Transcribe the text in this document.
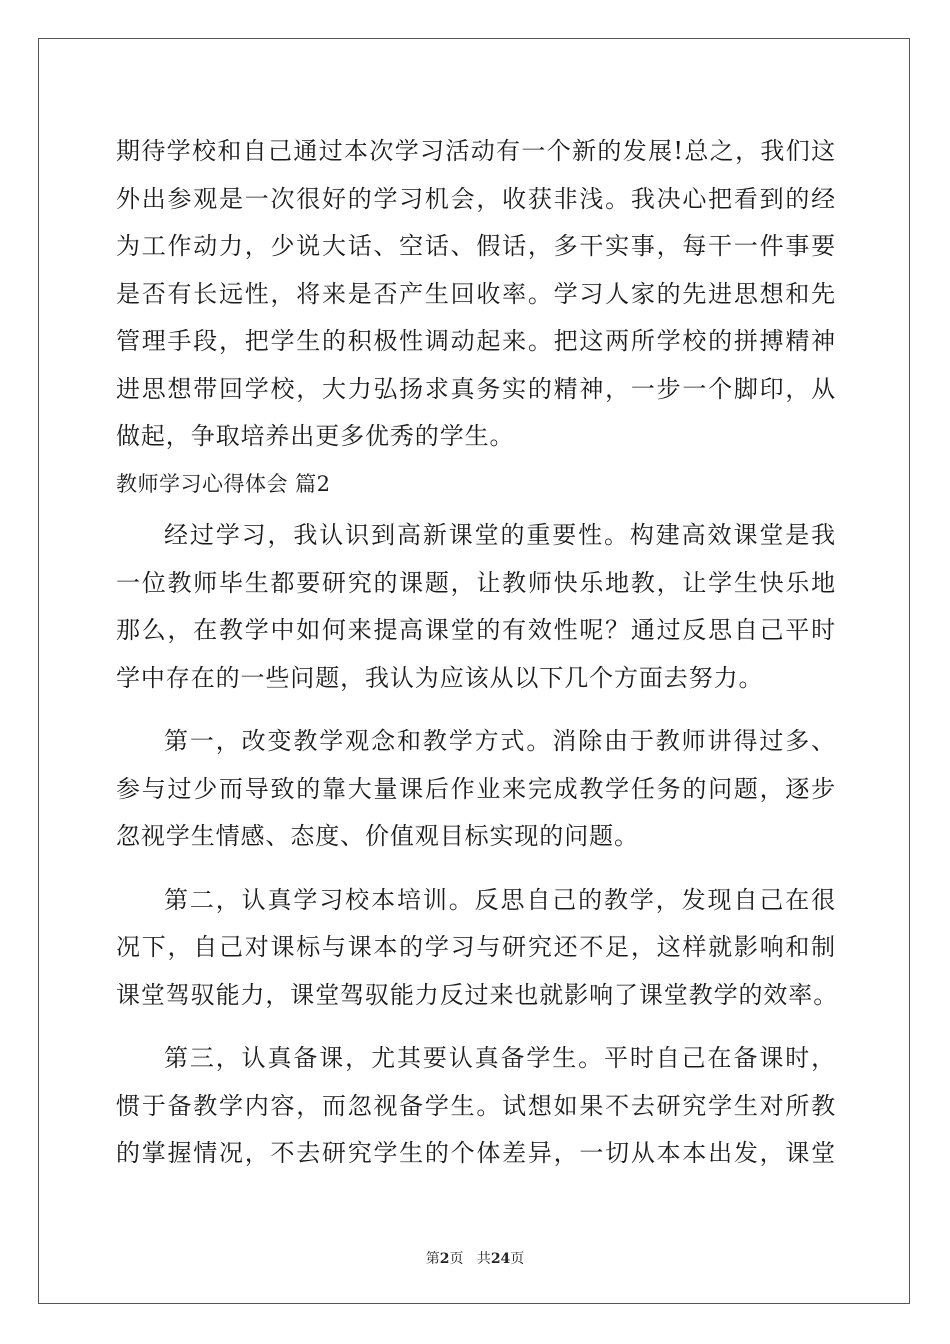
期待学校和自己通过本次学习活动有一个新的发展!总之，我们这
外出参观是一次很好的学习机会，收获非浅。我决心把看到的经
为工作动力，少说大话、空话、假话，多干实事，每干一件事要
是否有长远性，将来是否产生回收率。学习人家的先进思想和先
管理手段，把学生的积极性调动起来。把这两所学校的拼搏精神
进思想带回学校，大力弘扬求真务实的精神，一步一个脚印，从
做起，争取培养出更多优秀的学生。
教师学习心得体会 篇2
经过学习，我认识到高新课堂的重要性。构建高效课堂是我
一位教师毕生都要研究的课题，让教师快乐地教，让学生快乐地
那么，在教学中如何来提高课堂的有效性呢？通过反思自己平时
学中存在的一些问题，我认为应该从以下几个方面去努力。
第一，改变教学观念和教学方式。消除由于教师讲得过多、
参与过少而导致的靠大量课后作业来完成教学任务的问题，逐步
忽视学生情感、态度、价值观目标实现的问题。
第二，认真学习校本培训。反思自己的教学，发现自己在很
况下，自己对课标与课本的学习与研究还不足，这样就影响和制
课堂驾驭能力，课堂驾驭能力反过来也就影响了课堂教学的效率。
第三，认真备课，尤其要认真备学生。平时自己在备课时，
惯于备教学内容，而忽视备学生。试想如果不去研究学生对所教
的掌握情况，不去研究学生的个体差异，一切从本本出发，课堂
第2页 共24页
